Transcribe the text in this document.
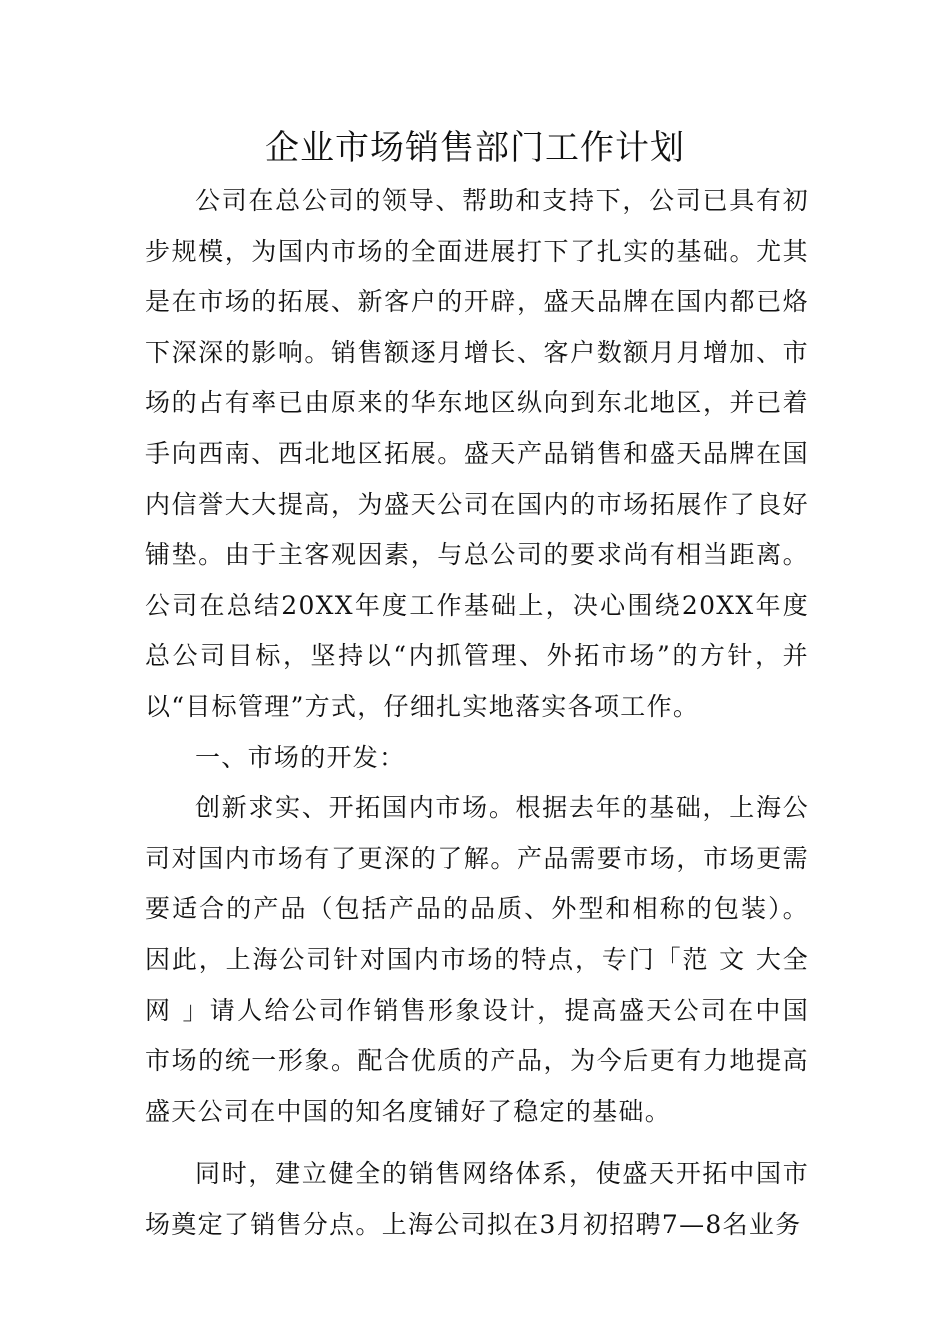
企业市场销售部门工作计划

公司在总公司的领导、帮助和支持下，公司已具有初步规模，为国内市场的全面进展打下了扎实的基础。尤其是在市场的拓展、新客户的开辟，盛天品牌在国内都已烙下深深的影响。销售额逐月增长、客户数额月月增加、市场的占有率已由原来的华东地区纵向到东北地区，并已着手向西南、西北地区拓展。盛天产品销售和盛天品牌在国内信誉大大提高，为盛天公司在国内的市场拓展作了良好铺垫。由于主客观因素，与总公司的要求尚有相当距离。公司在总结20XX年度工作基础上，决心围绕20XX年度总公司目标，坚持以“内抓管理、外拓市场”的方针，并以“目标管理”方式，仔细扎实地落实各项工作。

一、市场的开发：

创新求实、开拓国内市场。根据去年的基础，上海公司对国内市场有了更深的了解。产品需要市场，市场更需要适合的产品（包括产品的品质、外型和相称的包装）。因此，上海公司针对国内市场的特点，专门「范 文 大全 网 」请人给公司作销售形象设计，提高盛天公司在中国市场的统一形象。配合优质的产品，为今后更有力地提高盛天公司在中国的知名度铺好了稳定的基础。

同时，建立健全的销售网络体系，使盛天开拓中国市场奠定了销售分点。上海公司拟在3月初招聘7—8名业务
